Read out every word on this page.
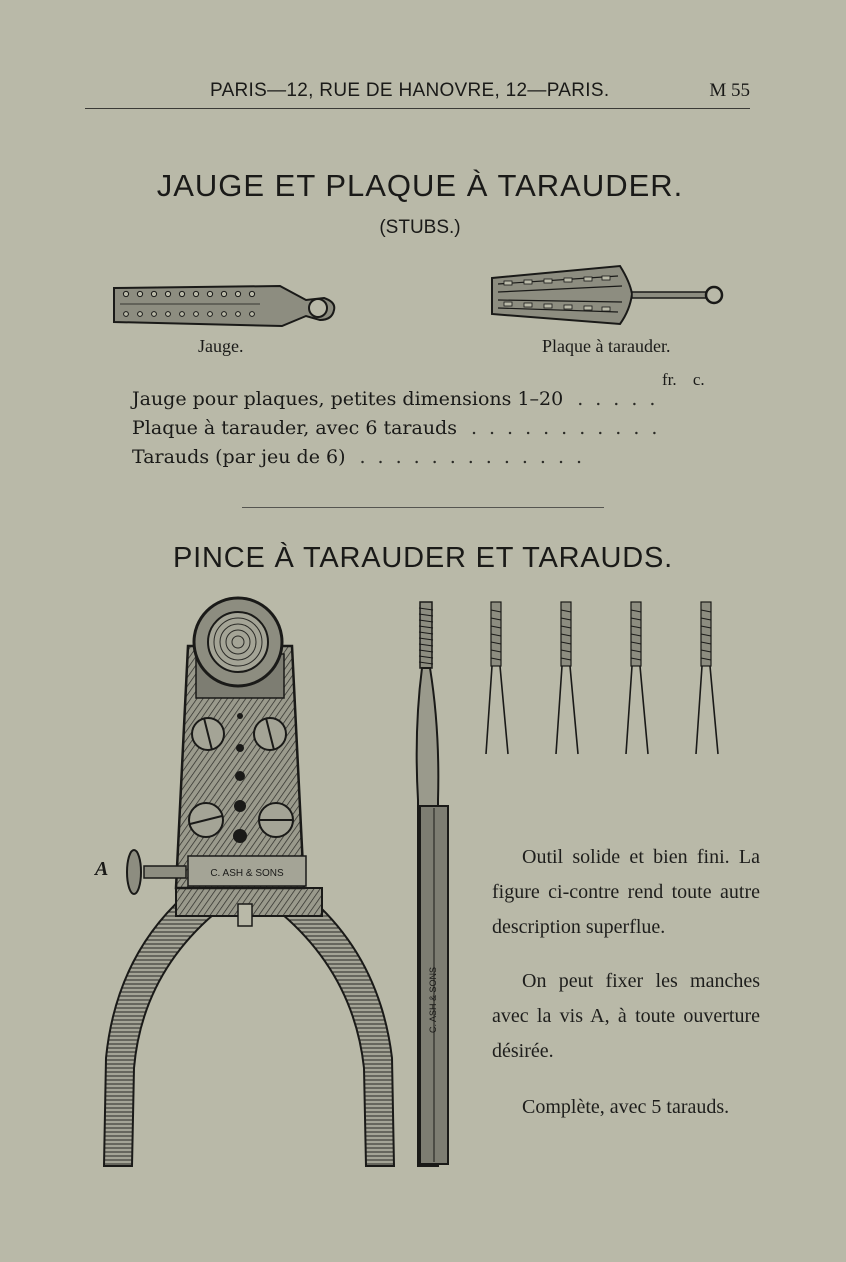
PARIS—12, RUE DE HANOVRE, 12—PARIS.	M 55
JAUGE ET PLAQUE À TARAUDER.
(STUBS.)
Jauge.	Plaque à tarauder.
fr. c.
Jauge pour plaques, petites dimensions 1–20 .....
Plaque à tarauder, avec 6 tarauds ...........
Tarauds (par jeu de 6) .............
PINCE À TARAUDER ET TARAUDS.
C. ASH & SONS
A
C. ASH & SONS

Outil solide et bien fini. La figure ci-contre rend toute autre description superflue.

On peut fixer les manches avec la vis A, à toute ouverture désirée.

Complète, avec 5 tarauds.
